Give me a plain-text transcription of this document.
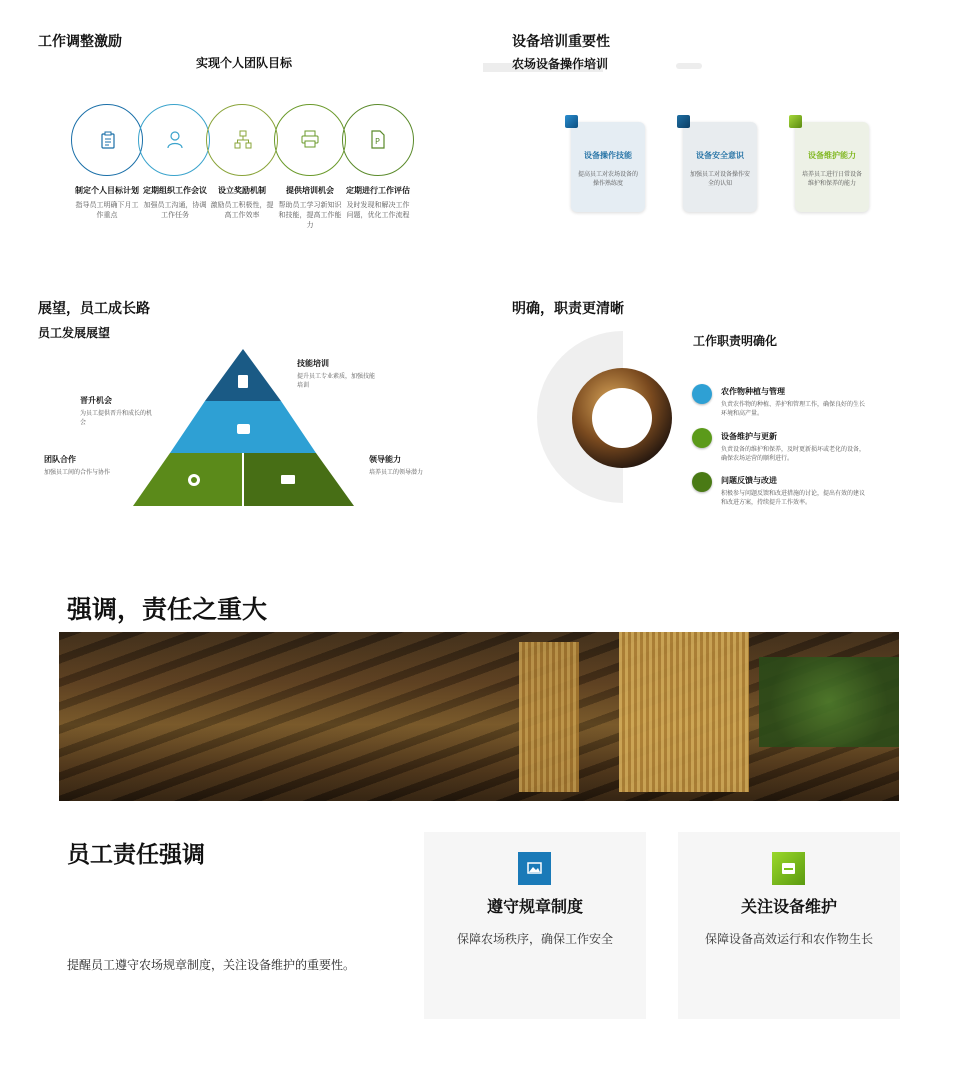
工作调整激励
实现个人团队目标
P
制定个人目标计划
指导员工明确下月工作重点
定期组织工作会议
加强员工沟通，协调工作任务
设立奖励机制
激励员工积极性，提高工作效率
提供培训机会
帮助员工学习新知识和技能，提高工作能力
定期进行工作评估
及时发现和解决工作问题，优化工作流程
设备培训重要性
农场设备操作培训
设备操作技能
提高员工对农场设备的操作熟练度
设备安全意识
加强员工对设备操作安全的认知
设备维护能力
培养员工进行日常设备维护和保养的能力
展望，员工成长路
员工发展展望
技能培训
提升员工专业素质，加强技能培训
晋升机会
为员工提供晋升和成长的机会
团队合作
加强员工间的合作与协作
领导能力
培养员工的领导潜力
明确，职责更清晰
工作职责明确化
农作物种植与管理
负责农作物的种植、养护和管理工作，确保良好的生长环境和高产量。
设备维护与更新
负责设备的维护和保养，及时更新损坏或老化的设备，确保农场运营的顺利进行。
问题反馈与改进
积极参与问题反馈和改进措施的讨论，提出有效的建议和改进方案，持续提升工作效率。
强调，责任之重大
员工责任强调
提醒员工遵守农场规章制度，关注设备维护的重要性。
遵守规章制度
保障农场秩序，确保工作安全
关注设备维护
保障设备高效运行和农作物生长
